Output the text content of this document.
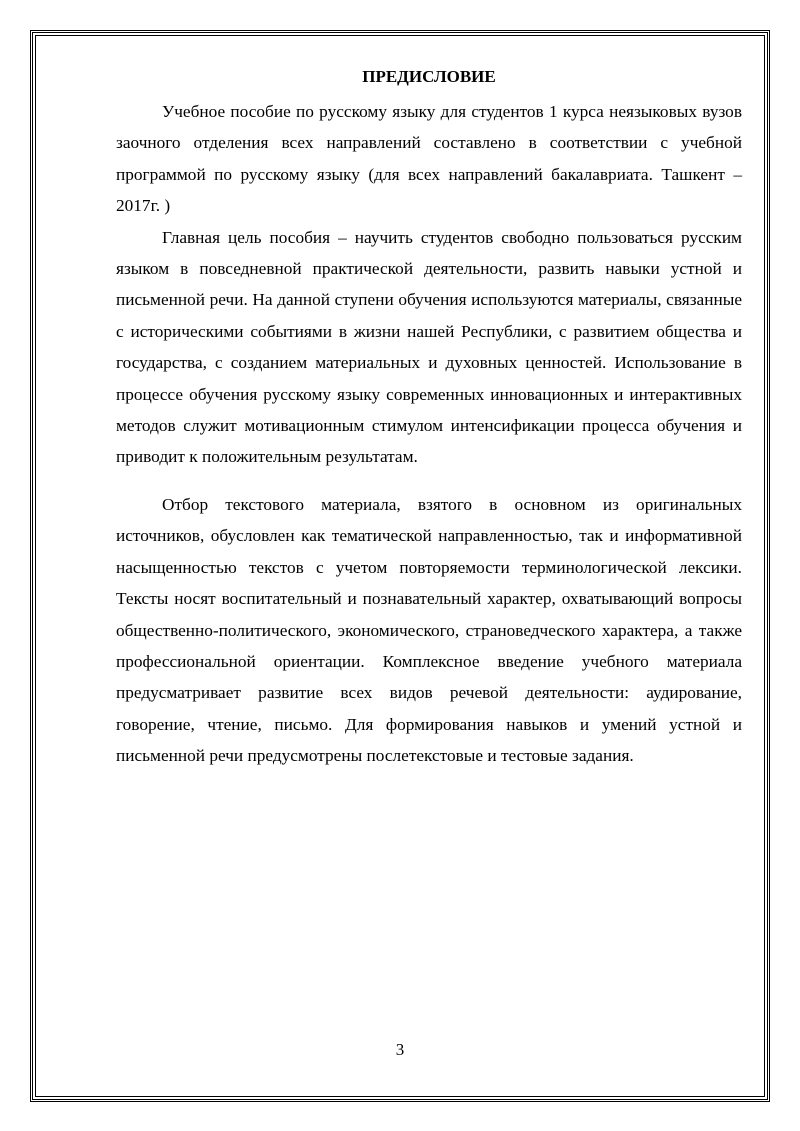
ПРЕДИСЛОВИЕ

Учебное пособие по русскому языку для студентов 1 курса неязыковых вузов заочного отделения всех направлений составлено в соответствии с учебной программой по русскому языку (для всех направлений бакалавриата. Ташкент – 2017г. )

Главная цель пособия – научить студентов свободно пользоваться русским языком в повседневной практической деятельности, развить навыки устной и письменной речи. На данной ступени обучения используются материалы, связанные с историческими событиями в жизни нашей Республики, с развитием общества и государства, с созданием материальных и духовных ценностей. Использование в процессе обучения русскому языку современных инновационных и интерактивных методов служит мотивационным стимулом интенсификации процесса обучения и приводит к положительным результатам.

Отбор текстового материала, взятого в основном из оригинальных источников, обусловлен как тематической направленностью, так и информативной насыщенностью текстов с учетом повторяемости терминологической лексики. Тексты носят воспитательный и познавательный характер, охватывающий вопросы общественно-политического, экономического, страноведческого характера, а также профессиональной ориентации. Комплексное введение учебного материала предусматривает развитие всех видов речевой деятельности: аудирование, говорение, чтение, письмо. Для формирования навыков и умений устной и письменной речи предусмотрены послетекстовые и тестовые задания.

3
